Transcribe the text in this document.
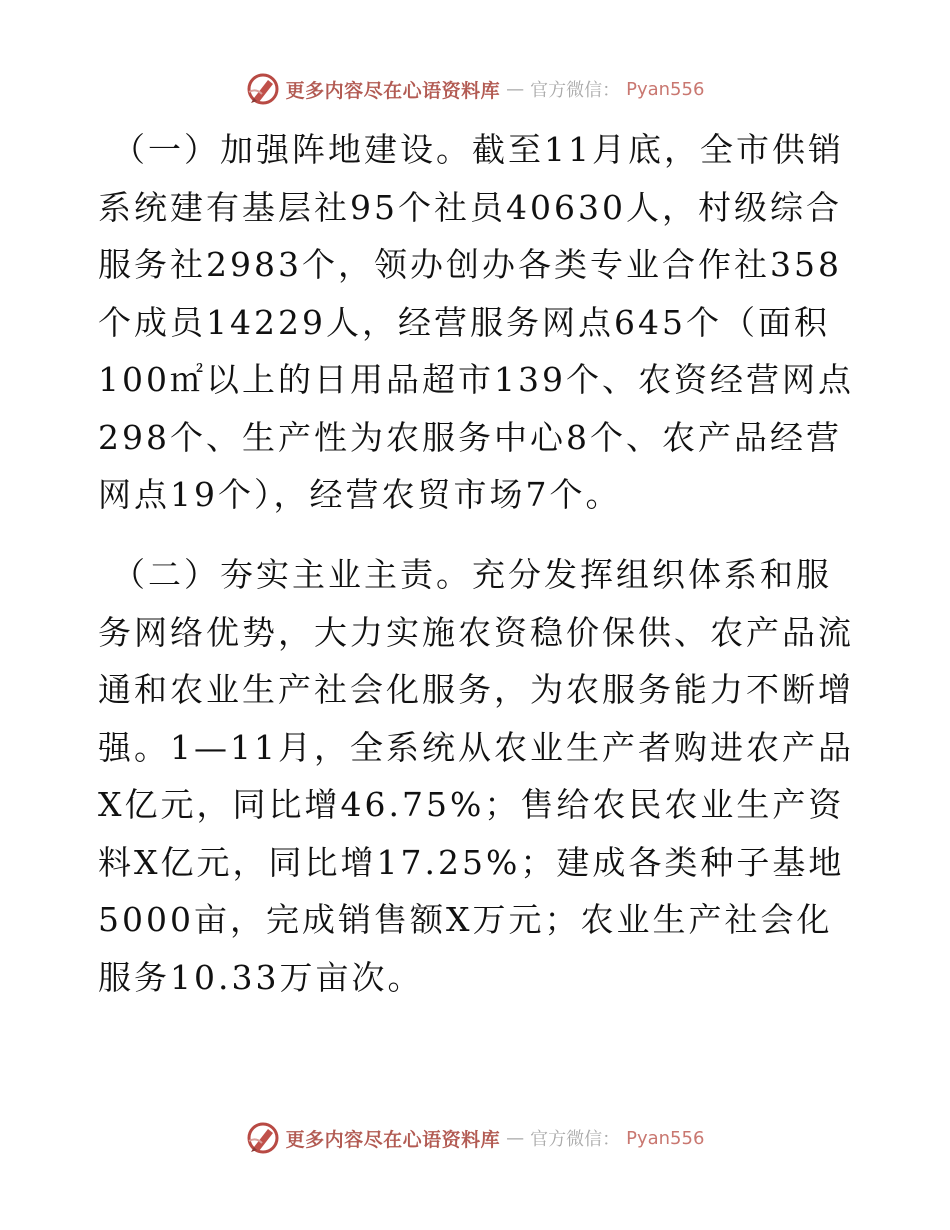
更多内容尽在心语资料库 — 官方微信： Pyan556

（一）加强阵地建设。截至11月底，全市供销系统建有基层社95个社员40630人，村级综合服务社2983个，领办创办各类专业合作社358个成员14229人，经营服务网点645个（面积100㎡以上的日用品超市139个、农资经营网点298个、生产性为农服务中心8个、农产品经营网点19个），经营农贸市场7个。

（二）夯实主业主责。充分发挥组织体系和服务网络优势，大力实施农资稳价保供、农产品流通和农业生产社会化服务，为农服务能力不断增强。1—11月，全系统从农业生产者购进农产品X亿元，同比增46.75%；售给农民农业生产资料X亿元，同比增17.25%；建成各类种子基地5000亩，完成销售额X万元；农业生产社会化服务10.33万亩次。

更多内容尽在心语资料库 — 官方微信： Pyan556
